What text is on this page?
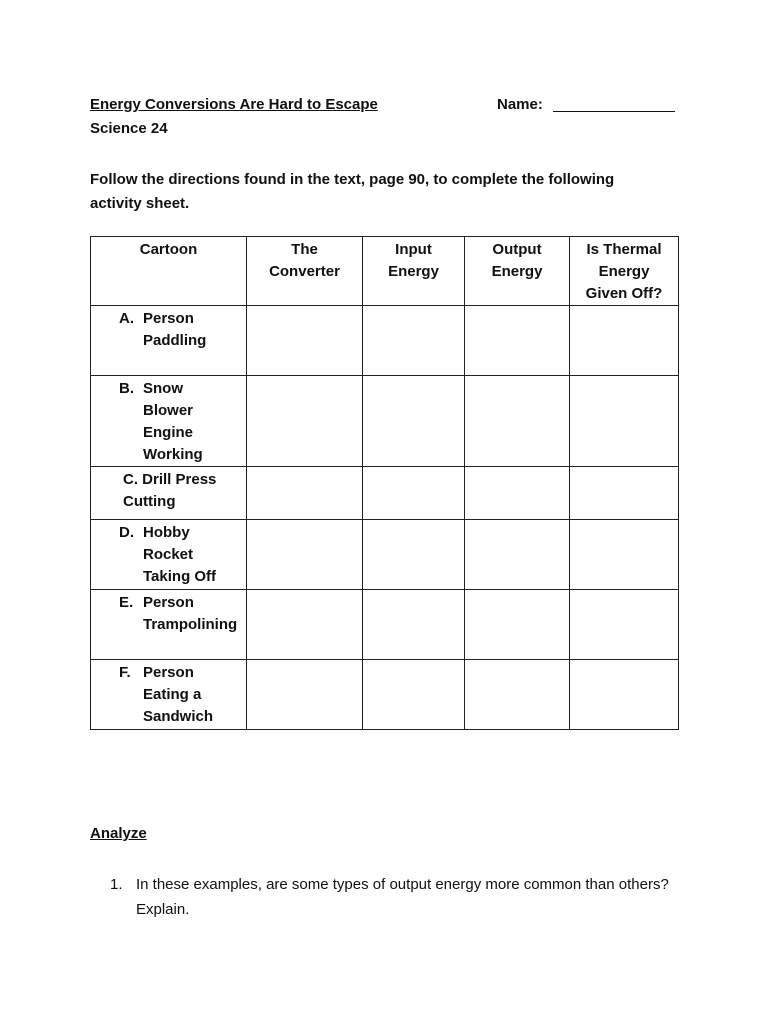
Energy Conversions Are Hard to Escape	Name:
Science 24
Follow the directions found in the text, page 90, to complete the following activity sheet.
Cartoon	The Converter	Input Energy	Output Energy	Is Thermal Energy Given Off?

A. Person Paddling				

B. Snow Blower Engine Working				

C. Drill Press Cutting				

D. Hobby Rocket Taking Off				

E. Person Trampolining				

F. Person Eating a Sandwich				

Analyze
1. In these examples, are some types of output energy more common than others? Explain.
